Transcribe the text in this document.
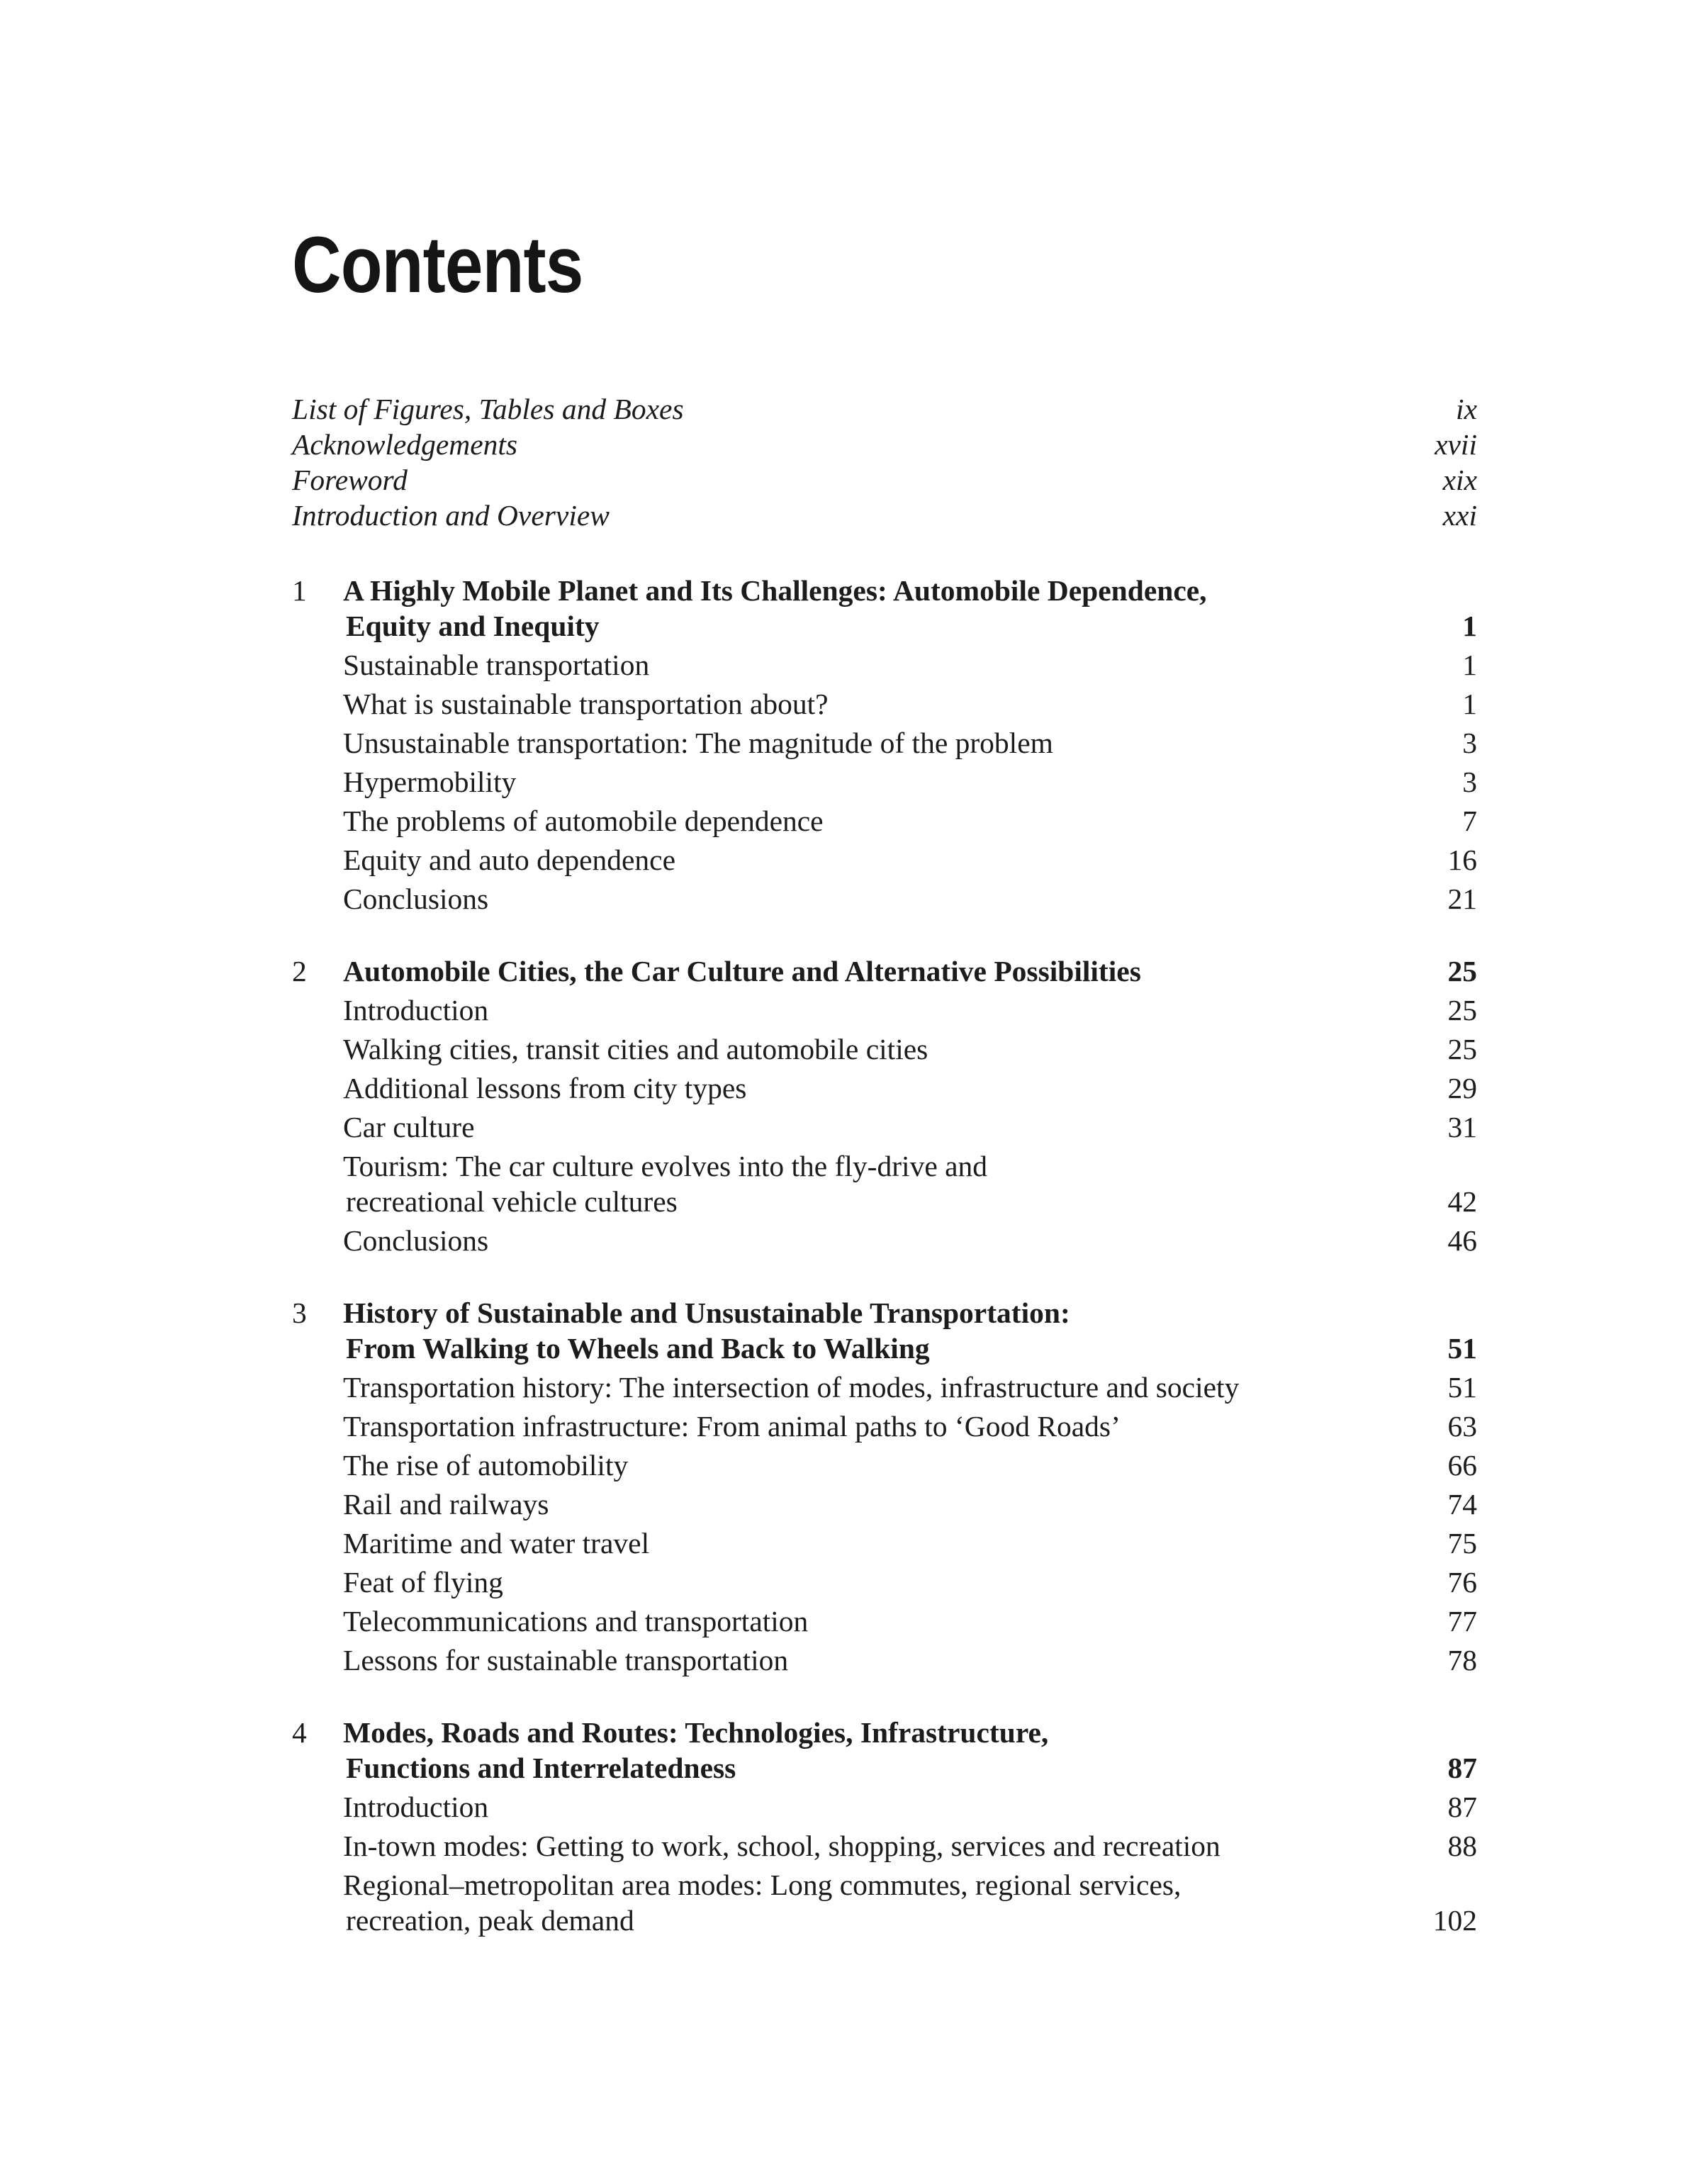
Contents
List of Figures, Tables and Boxes	ix
Acknowledgements	xvii
Foreword	xix
Introduction and Overview	xxi
1	A Highly Mobile Planet and Its Challenges: Automobile Dependence,
Equity and Inequity	1
Sustainable transportation	1
What is sustainable transportation about?	1
Unsustainable transportation: The magnitude of the problem	3
Hypermobility	3
The problems of automobile dependence	7
Equity and auto dependence	16
Conclusions	21
2	Automobile Cities, the Car Culture and Alternative Possibilities	25
Introduction	25
Walking cities, transit cities and automobile cities	25
Additional lessons from city types	29
Car culture	31
Tourism: The car culture evolves into the fly-drive and
recreational vehicle cultures	42
Conclusions	46
3	History of Sustainable and Unsustainable Transportation:
From Walking to Wheels and Back to Walking	51
Transportation history: The intersection of modes, infrastructure and society	51
Transportation infrastructure: From animal paths to ‘Good Roads’	63
The rise of automobility	66
Rail and railways	74
Maritime and water travel	75
Feat of flying	76
Telecommunications and transportation	77
Lessons for sustainable transportation	78
4	Modes, Roads and Routes: Technologies, Infrastructure,
Functions and Interrelatedness	87
Introduction	87
In-town modes: Getting to work, school, shopping, services and recreation	88
Regional–metropolitan area modes: Long commutes, regional services,
recreation, peak demand	102
